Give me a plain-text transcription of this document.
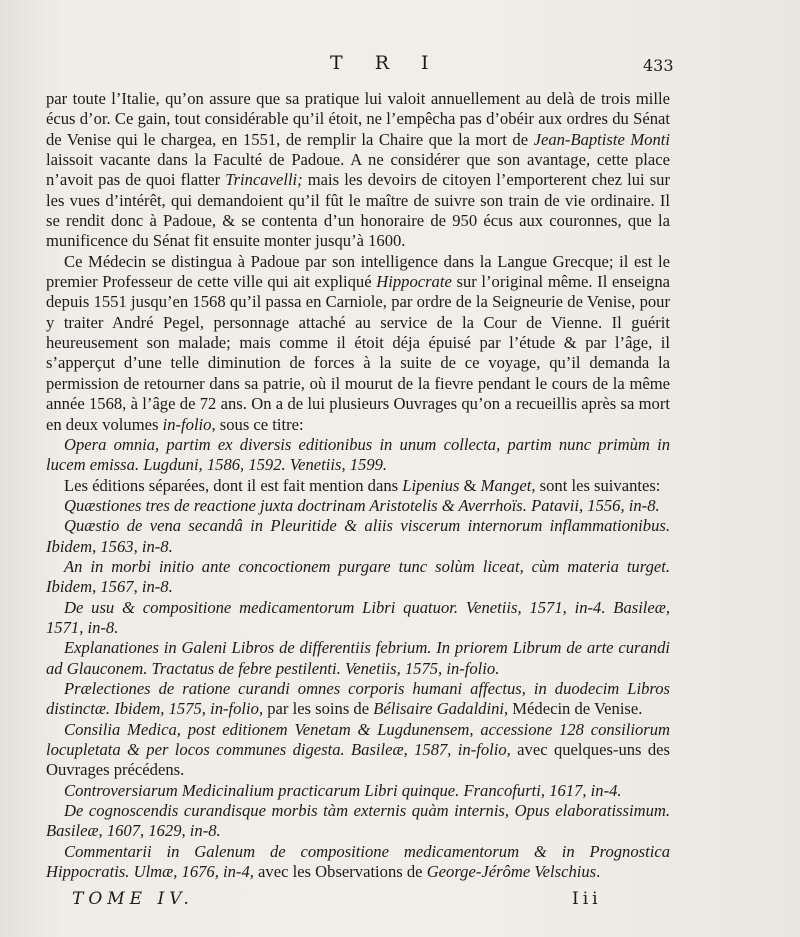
T R I	433

par toute l’Italie, qu’on assure que sa pratique lui valoit annuellement au delà de trois mille écus d’or. Ce gain, tout considérable qu’il étoit, ne l’empêcha pas d’obéir aux ordres du Sénat de Venise qui le chargea, en 1551, de remplir la Chaire que la mort de Jean-Baptiste Monti laissoit vacante dans la Faculté de Padoue. A ne considérer que son avantage, cette place n’avoit pas de quoi flatter Trincavelli; mais les devoirs de citoyen l’emporterent chez lui sur les vues d’intérêt, qui demandoient qu’il fût le maître de suivre son train de vie ordinaire. Il se rendit donc à Padoue, & se contenta d’un honoraire de 950 écus aux couronnes, que la munificence du Sénat fit ensuite monter jusqu’à 1600.

Ce Médecin se distingua à Padoue par son intelligence dans la Langue Grecque; il est le premier Professeur de cette ville qui ait expliqué Hippocrate sur l’original même. Il enseigna depuis 1551 jusqu’en 1568 qu’il passa en Carniole, par ordre de la Seigneurie de Venise, pour y traiter André Pegel, personnage attaché au service de la Cour de Vienne. Il guérit heureusement son malade; mais comme il étoit déja épuisé par l’étude & par l’âge, il s’apperçut d’une telle diminution de forces à la suite de ce voyage, qu’il demanda la permission de retourner dans sa patrie, où il mourut de la fievre pendant le cours de la même année 1568, à l’âge de 72 ans. On a de lui plusieurs Ouvrages qu’on a recueillis après sa mort en deux volumes in-folio, sous ce titre:

Opera omnia, partim ex diversis editionibus in unum collecta, partim nunc primùm in lucem emissa. Lugduni, 1586, 1592. Venetiis, 1599.

Les éditions séparées, dont il est fait mention dans Lipenius & Manget, sont les suivantes:

Quæstiones tres de reactione juxta doctrinam Aristotelis & Averrhoïs. Patavii, 1556, in-8.

Quæstio de vena secandâ in Pleuritide & aliis viscerum internorum inflammationibus. Ibidem, 1563, in-8.

An in morbi initio ante concoctionem purgare tunc solùm liceat, cùm materia turget. Ibidem, 1567, in-8.

De usu & compositione medicamentorum Libri quatuor. Venetiis, 1571, in-4. Basileæ, 1571, in-8.

Explanationes in Galeni Libros de differentiis febrium. In priorem Librum de arte curandi ad Glauconem. Tractatus de febre pestilenti. Venetiis, 1575, in-folio.

Prælectiones de ratione curandi omnes corporis humani affectus, in duodecim Libros distinctæ. Ibidem, 1575, in-folio, par les soins de Bélisaire Gadaldini, Médecin de Venise.

Consilia Medica, post editionem Venetam & Lugdunensem, accessione 128 consiliorum locupletata & per locos communes digesta. Basileæ, 1587, in-folio, avec quelques-uns des Ouvrages précédens.

Controversiarum Medicinalium practicarum Libri quinque. Francofurti, 1617, in-4.

De cognoscendis curandisque morbis tàm externis quàm internis, Opus elaboratissimum. Basileæ, 1607, 1629, in-8.

Commentarii in Galenum de compositione medicamentorum & in Prognostica Hippocratis. Ulmæ, 1676, in-4, avec les Observations de George-Jérôme Velschius.

TOME IV.	Iii
